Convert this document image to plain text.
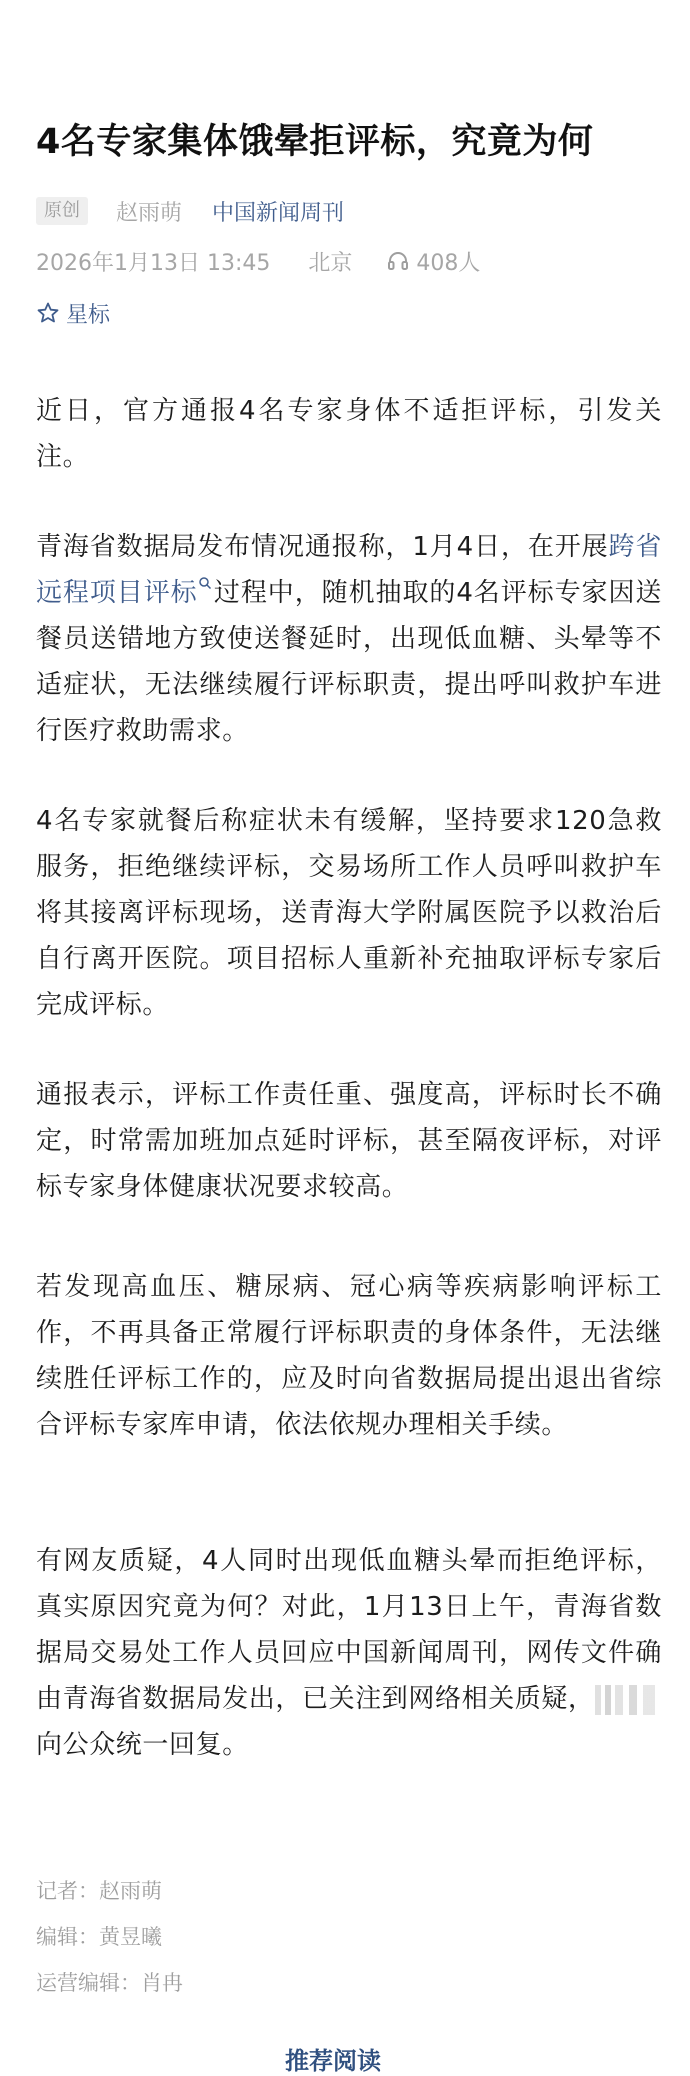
4名专家集体饿晕拒评标，究竟为何
原创	赵雨萌 中国新闻周刊
2026年1月13日 13:45 北京	408人
星标
近日，官方通报4名专家身体不适拒评标，引发关注。
青海省数据局发布情况通报称，1月4日，在开展跨省远程项目评标 过程中，随机抽取的4名评标专家因送餐员送错地方致使送餐延时，出现低血糖、头晕等不适症状，无法继续履行评标职责，提出呼叫救护车进行医疗救助需求。
4名专家就餐后称症状未有缓解，坚持要求120急救服务，拒绝继续评标，交易场所工作人员呼叫救护车将其接离评标现场，送青海大学附属医院予以救治后自行离开医院。项目招标人重新补充抽取评标专家后完成评标。
通报表示，评标工作责任重、强度高，评标时长不确定，时常需加班加点延时评标，甚至隔夜评标，对评标专家身体健康状况要求较高。
若发现高血压、糖尿病、冠心病等疾病影响评标工作，不再具备正常履行评标职责的身体条件，无法继续胜任评标工作的，应及时向省数据局提出退出省综合评标专家库申请，依法依规办理相关手续。
有网友质疑，4人同时出现低血糖头晕而拒绝评标，真实原因究竟为何？对此，1月13日上午，青海省数据局交易处工作人员回应中国新闻周刊，网传文件确由青海省数据局发出，已关注到网络相关质疑，
向公众统一回复。
记者：赵雨萌
编辑：黄昱曦
运营编辑：肖冉
推荐阅读
